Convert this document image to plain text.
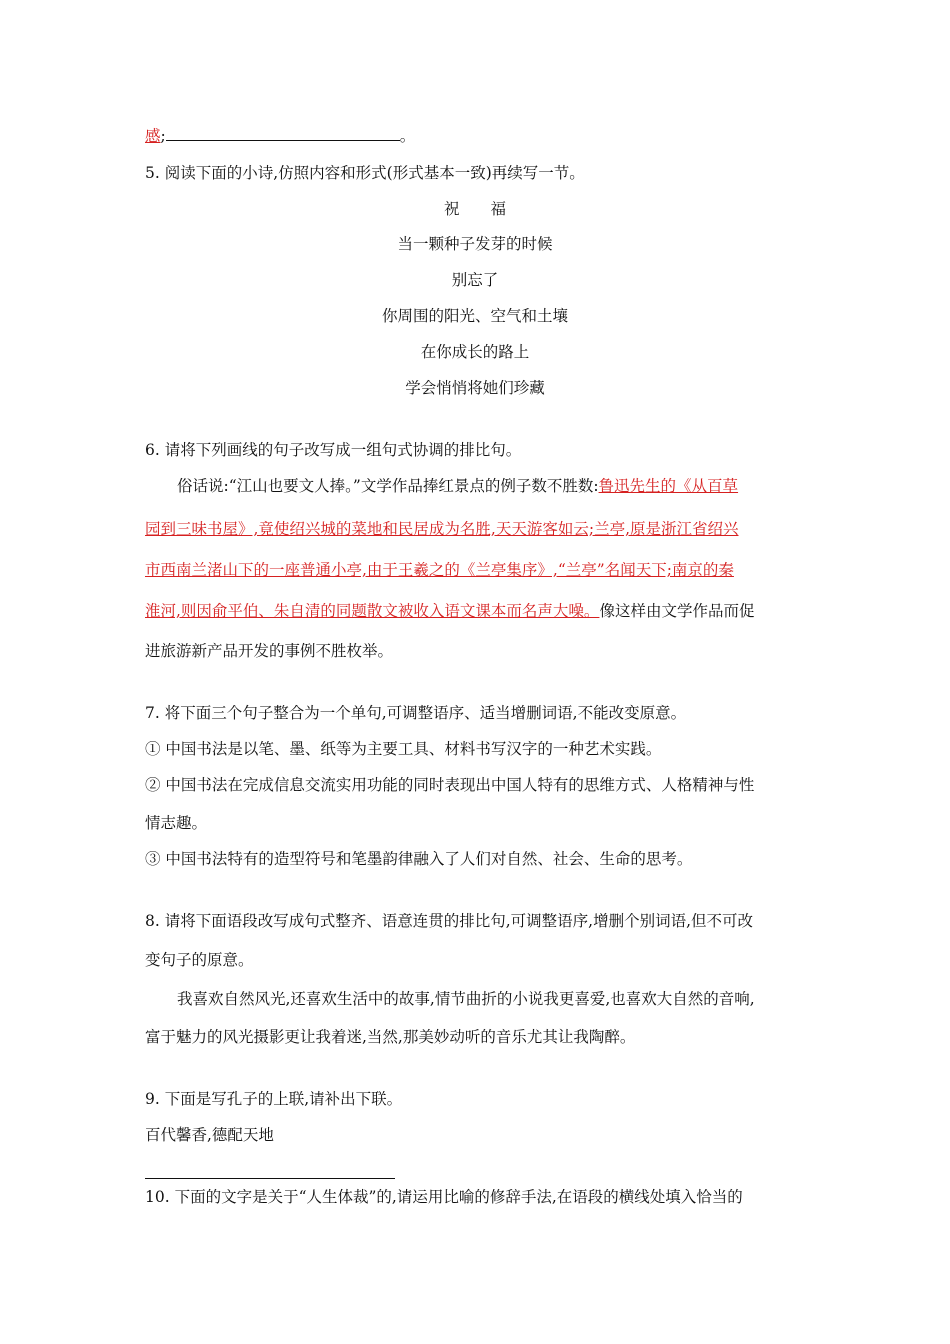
感;	。
5. 阅读下面的小诗,仿照内容和形式(形式基本一致)再续写一节。
祝　　福
当一颗种子发芽的时候
别忘了
你周围的阳光、空气和土壤
在你成长的路上
学会悄悄将她们珍藏
6. 请将下列画线的句子改写成一组句式协调的排比句。
俗话说:“江山也要文人捧。”文学作品捧红景点的例子数不胜数:鲁迅先生的《从百草
园到三味书屋》,竟使绍兴城的菜地和民居成为名胜,天天游客如云;兰亭,原是浙江省绍兴
市西南兰渚山下的一座普通小亭,由于王羲之的《兰亭集序》,“兰亭”名闻天下;南京的秦
淮河,则因俞平伯、朱自清的同题散文被收入语文课本而名声大噪。像这样由文学作品而促
进旅游新产品开发的事例不胜枚举。
7. 将下面三个句子整合为一个单句,可调整语序、适当增删词语,不能改变原意。
① 中国书法是以笔、墨、纸等为主要工具、材料书写汉字的一种艺术实践。
② 中国书法在完成信息交流实用功能的同时表现出中国人特有的思维方式、人格精神与性
情志趣。
③ 中国书法特有的造型符号和笔墨韵律融入了人们对自然、社会、生命的思考。
8. 请将下面语段改写成句式整齐、语意连贯的排比句,可调整语序,增删个别词语,但不可改
变句子的原意。
我喜欢自然风光,还喜欢生活中的故事,情节曲折的小说我更喜爱,也喜欢大自然的音响,
富于魅力的风光摄影更让我着迷,当然,那美妙动听的音乐尤其让我陶醉。
9. 下面是写孔子的上联,请补出下联。
百代馨香,德配天地
10. 下面的文字是关于“人生体裁”的,请运用比喻的修辞手法,在语段的横线处填入恰当的
